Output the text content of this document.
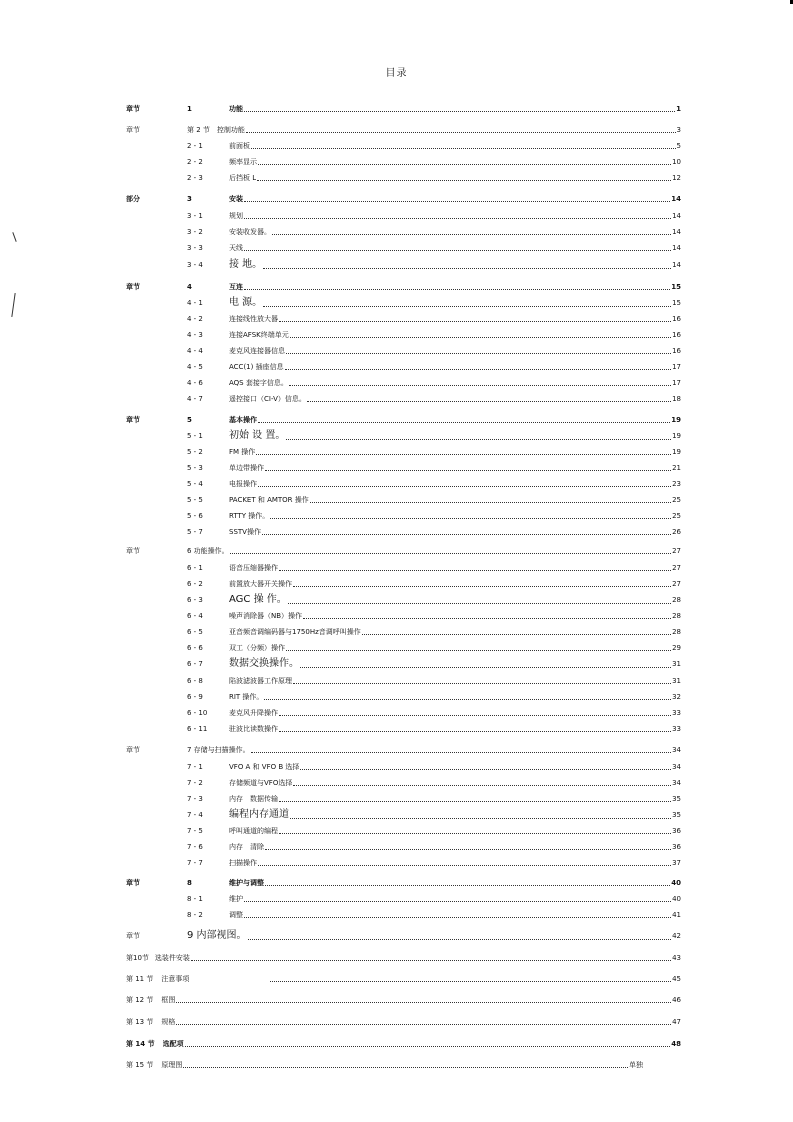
目录
章节	1	功能	1
章节	第 2 节　控制功能	3
2 - 1	前面板	5
2 - 2	频率显示	10
2 - 3	后挡板 L	12
部分	3	安装	14
3 - 1	规划	14
3 - 2	安装收发器。	14
3 - 3	天线	14
3 - 4	接 地。	14
章节	4	互连	15
4 - 1	电 源。	15
4 - 2	连接线性放大器	16
4 - 3	连接AFSK终端单元	16
4 - 4	麦克风连接器信息	16
4 - 5	ACC(1) 插座信息	17
4 - 6	AQS 套接字信息。	17
4 - 7	遥控接口（CI-V）信息。	18
章节	5	基本操作	19
5 - 1	初始 设 置。	19
5 - 2	FM 操作	19
5 - 3	单边带操作	21
5 - 4	电报操作	23
5 - 5	PACKET 和 AMTOR 操作	25
5 - 6	RTTY 操作。	25
5 - 7	SSTV操作	26
章节	6 功能操作。	27
6 - 1	语音压缩器操作	27
6 - 2	前置放大器开关操作	27
6 - 3	AGC 操 作。	28
6 - 4	噪声消除器（NB）操作	28
6 - 5	亚音频音调编码器与1750Hz音调呼叫操作	28
6 - 6	双工（分频）操作	29
6 - 7	数据交换操作。	31
6 - 8	陷波滤波器工作原理	31
6 - 9	RIT 操作。	32
6 - 10	麦克风升降操作	33
6 - 11	驻波比读数操作	33
章节	7 存储与扫描操作。	34
7 - 1	VFO A 和 VFO B 选择	34
7 - 2	存储频道与VFO选择	34
7 - 3	内存　数据传输	35
7 - 4	编程内存通道	35
7 - 5	呼叫通道的编程	36
7 - 6	内存　清除	36
7 - 7	扫描操作	37
章节	8	维护与调整	40
8 - 1	维护	40
8 - 2	调整	41
章节	9 内部视图。	42
第10节 选装件安装	43
第 11 节 注意事项	45
第 12 节 框图	46
第 13 节 规格	47
第 14 节 选配项	48
第 15 节 原理图	单独
